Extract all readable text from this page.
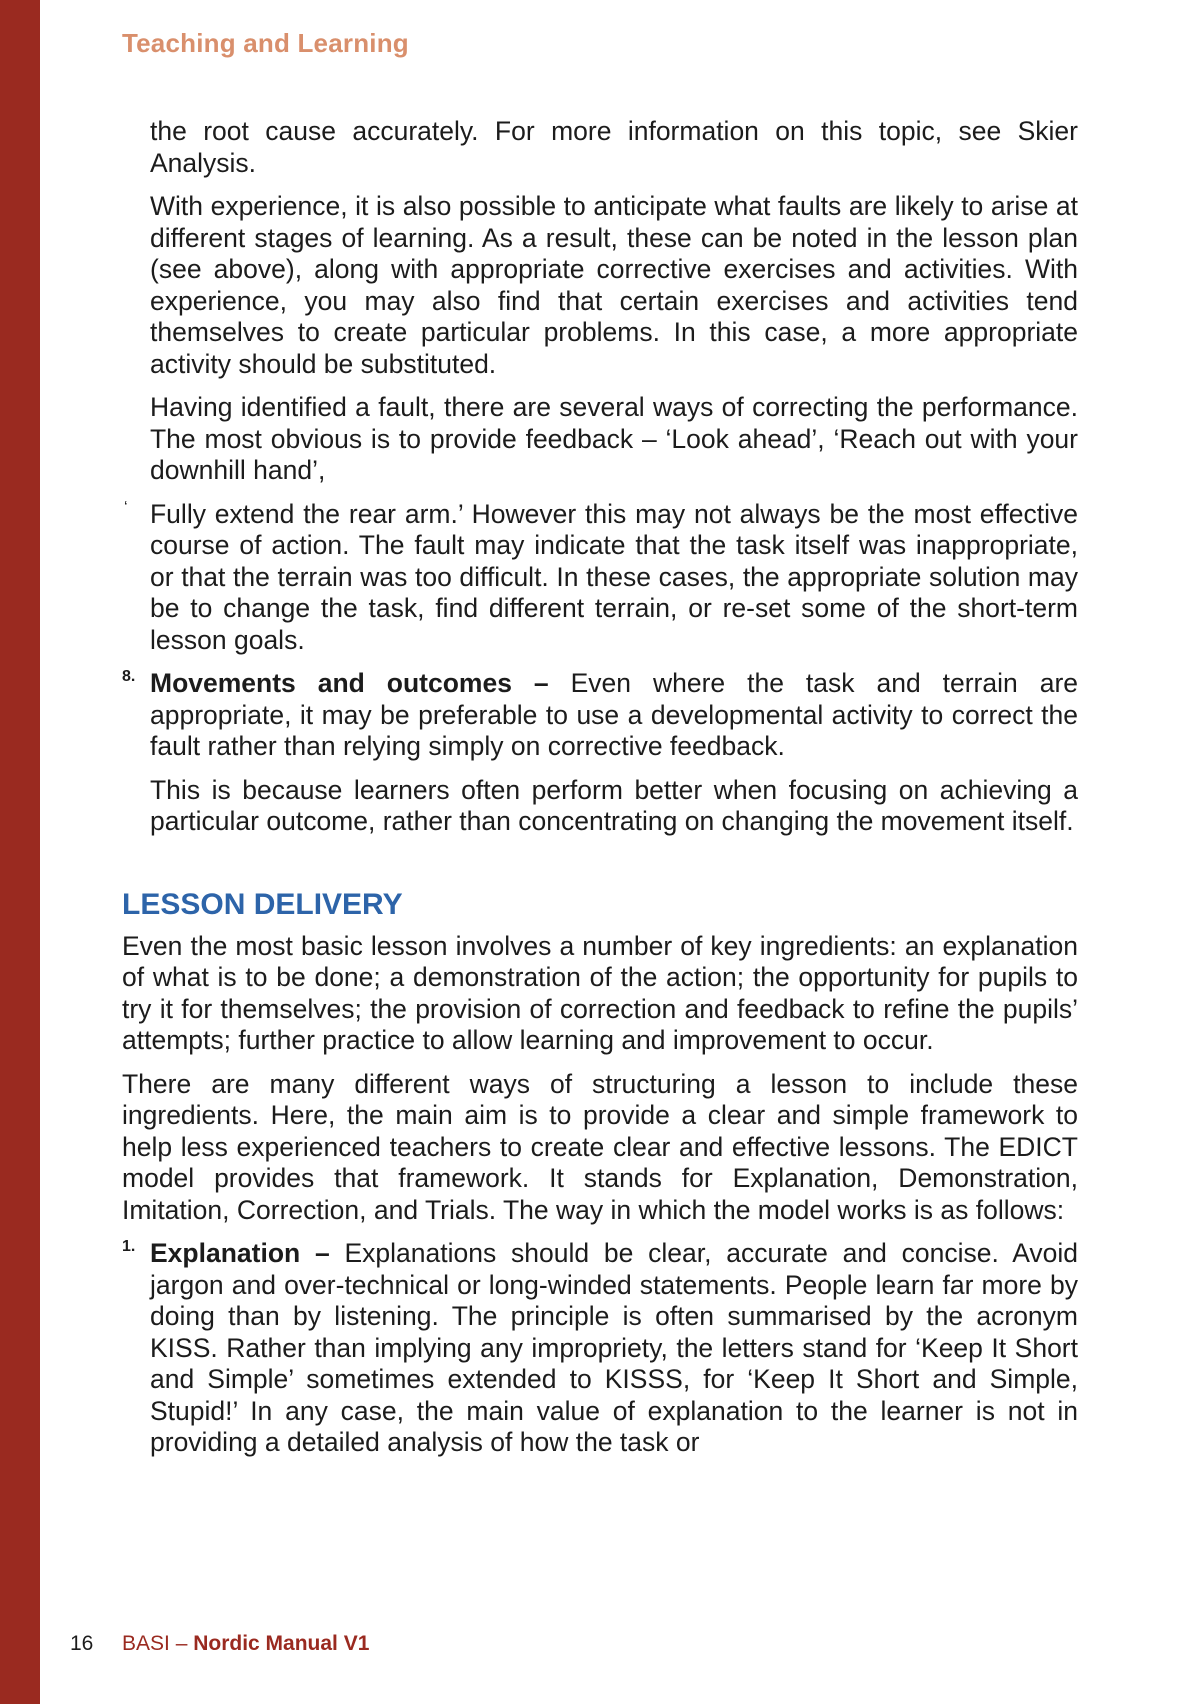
Teaching and Learning

the root cause accurately. For more information on this topic, see Skier Analysis.

With experience, it is also possible to anticipate what faults are likely to arise at different stages of learning. As a result, these can be noted in the lesson plan (see above), along with appropriate corrective exercises and activities. With experience, you may also find that certain exercises and activities tend themselves to create particular problems. In this case, a more appropriate activity should be substituted.

Having identified a fault, there are several ways of correcting the performance. The most obvious is to provide feedback – ‘Look ahead’, ‘Reach out with your downhill hand’,

‘ Fully extend the rear arm.’ However this may not always be the most effective course of action. The fault may indicate that the task itself was inappropriate, or that the terrain was too difficult. In these cases, the appropriate solution may be to change the task, find different terrain, or re-set some of the short-term lesson goals.

8. Movements and outcomes – Even where the task and terrain are appropriate, it may be preferable to use a developmental activity to correct the fault rather than relying simply on corrective feedback.

This is because learners often perform better when focusing on achieving a particular outcome, rather than concentrating on changing the movement itself.

LESSON DELIVERY

Even the most basic lesson involves a number of key ingredients: an explanation of what is to be done; a demonstration of the action; the opportunity for pupils to try it for themselves; the provision of correction and feedback to refine the pupils’ attempts; further practice to allow learning and improvement to occur.

There are many different ways of structuring a lesson to include these ingredients. Here, the main aim is to provide a clear and simple framework to help less experienced teachers to create clear and effective lessons. The EDICT model provides that framework. It stands for Explanation, Demonstration, Imitation, Correction, and Trials. The way in which the model works is as follows:

1. Explanation – Explanations should be clear, accurate and concise. Avoid jargon and over-technical or long-winded statements. People learn far more by doing than by listening. The principle is often summarised by the acronym KISS. Rather than implying any impropriety, the letters stand for ‘Keep It Short and Simple’ sometimes extended to KISSS, for ‘Keep It Short and Simple, Stupid!’ In any case, the main value of explanation to the learner is not in providing a detailed analysis of how the task or

16 BASI – Nordic Manual V1
